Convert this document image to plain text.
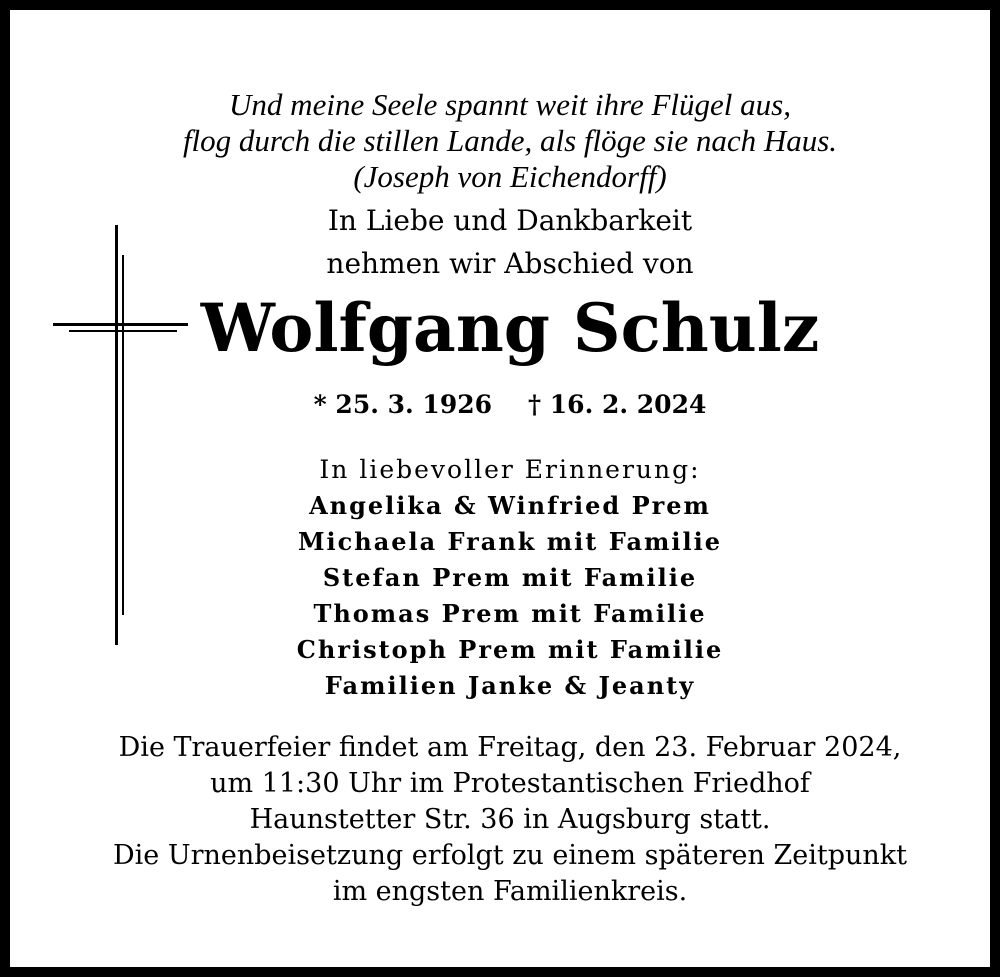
Und meine Seele spannt weit ihre Flügel aus,
flog durch die stillen Lande, als flöge sie nach Haus.
(Joseph von Eichendorff)
In Liebe und Dankbarkeit
nehmen wir Abschied von
Wolfgang Schulz
* 25. 3. 1926 † 16. 2. 2024
In liebevoller Erinnerung:
Angelika & Winfried Prem
Michaela Frank mit Familie
Stefan Prem mit Familie
Thomas Prem mit Familie
Christoph Prem mit Familie
Familien Janke & Jeanty
Die Trauerfeier findet am Freitag, den 23. Februar 2024,
um 11:30 Uhr im Protestantischen Friedhof
Haunstetter Str. 36 in Augsburg statt.
Die Urnenbeisetzung erfolgt zu einem späteren Zeitpunkt
im engsten Familienkreis.
